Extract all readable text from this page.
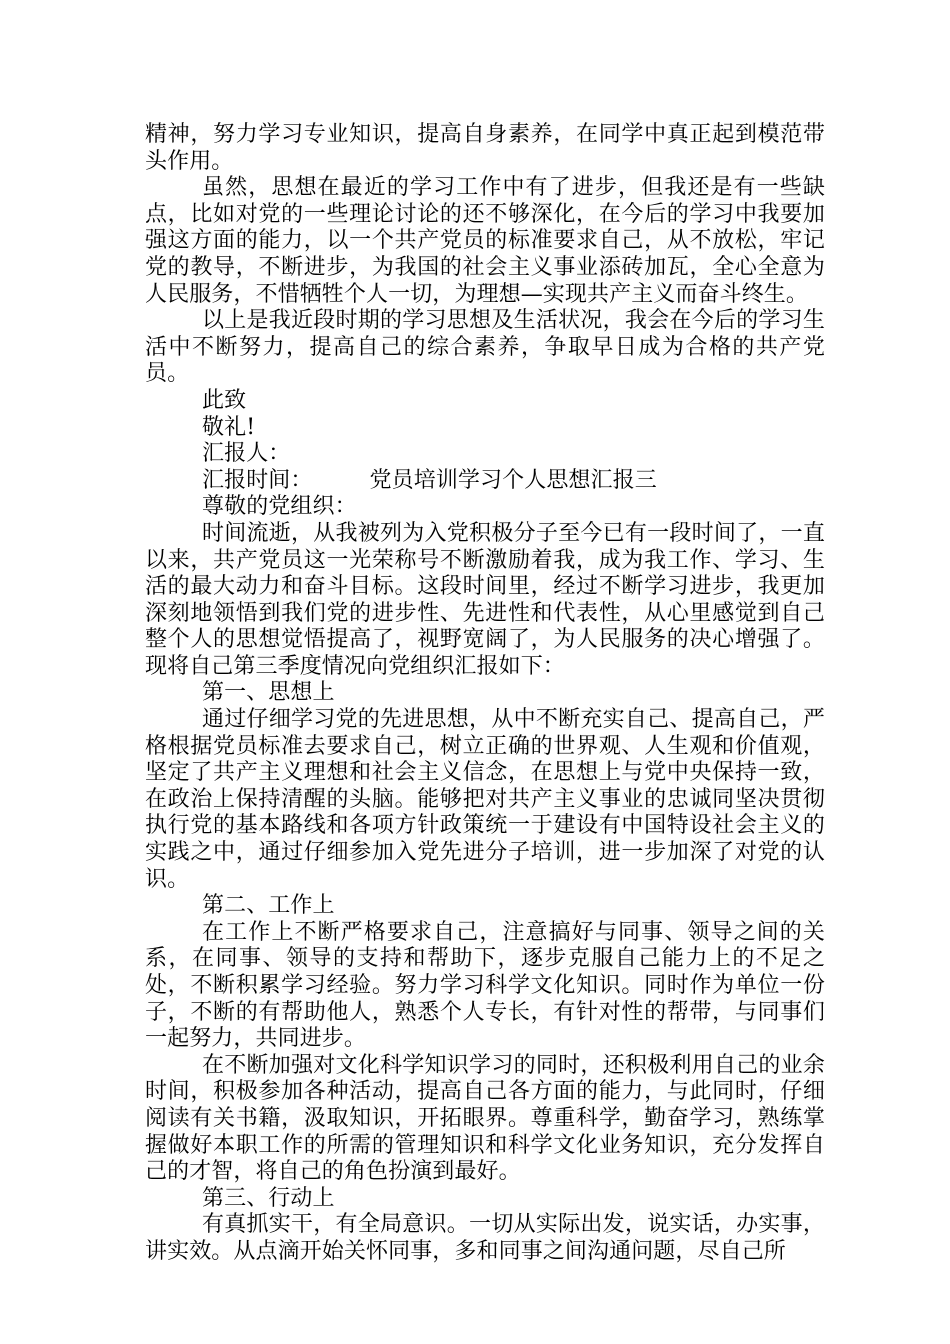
精神，努力学习专业知识，提高自身素养，在同学中真正起到模范带头作用。

虽然，思想在最近的学习工作中有了进步，但我还是有一些缺点，比如对党的一些理论讨论的还不够深化，在今后的学习中我要加强这方面的能力，以一个共产党员的标准要求自己，从不放松，牢记党的教导，不断进步，为我国的社会主义事业添砖加瓦，全心全意为人民服务，不惜牺牲个人一切，为理想—实现共产主义而奋斗终生。

以上是我近段时期的学习思想及生活状况，我会在今后的学习生活中不断努力，提高自己的综合素养，争取早日成为合格的共产党员。

此致

敬礼!

汇报人：

汇报时间：	党员培训学习个人思想汇报三

尊敬的党组织：

时间流逝，从我被列为入党积极分子至今已有一段时间了，一直以来，共产党员这一光荣称号不断激励着我，成为我工作、学习、生活的最大动力和奋斗目标。这段时间里，经过不断学习进步，我更加深刻地领悟到我们党的进步性、先进性和代表性，从心里感觉到自己整个人的思想觉悟提高了，视野宽阔了，为人民服务的决心增强了。现将自己第三季度情况向党组织汇报如下：

第一、思想上

通过仔细学习党的先进思想，从中不断充实自己、提高自己，严格根据党员标准去要求自己，树立正确的世界观、人生观和价值观，坚定了共产主义理想和社会主义信念，在思想上与党中央保持一致，在政治上保持清醒的头脑。能够把对共产主义事业的忠诚同坚决贯彻执行党的基本路线和各项方针政策统一于建设有中国特设社会主义的实践之中，通过仔细参加入党先进分子培训，进一步加深了对党的认识。

第二、工作上

在工作上不断严格要求自己，注意搞好与同事、领导之间的关系，在同事、领导的支持和帮助下，逐步克服自己能力上的不足之处，不断积累学习经验。努力学习科学文化知识。同时作为单位一份子，不断的有帮助他人，熟悉个人专长，有针对性的帮带，与同事们一起努力，共同进步。

在不断加强对文化科学知识学习的同时，还积极利用自己的业余时间，积极参加各种活动，提高自己各方面的能力，与此同时，仔细阅读有关书籍，汲取知识，开拓眼界。尊重科学，勤奋学习，熟练掌握做好本职工作的所需的管理知识和科学文化业务知识，充分发挥自己的才智，将自己的角色扮演到最好。

第三、行动上

有真抓实干，有全局意识。一切从实际出发，说实话，办实事，讲实效。从点滴开始关怀同事，多和同事之间沟通问题，尽自己所
